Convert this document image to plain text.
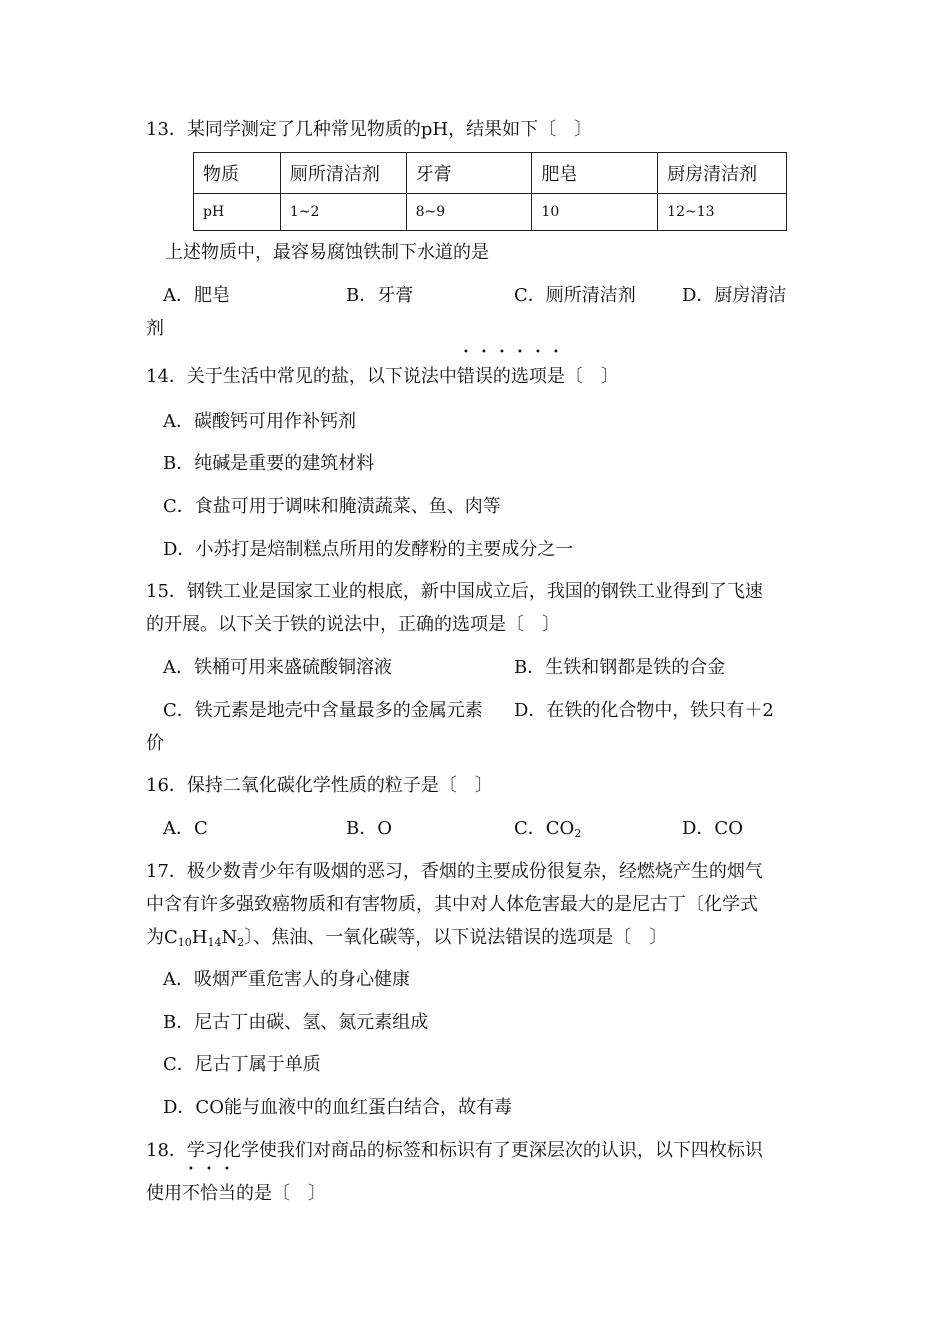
13．某同学测定了几种常见物质的pH，结果如下〔　〕
物质	厕所清洁剂	牙膏	肥皂	厨房清洁剂
pH	1~2	8~9	10	12~13
上述物质中，最容易腐蚀铁制下水道的是
A．肥皂	B．牙膏	C．厕所清洁剂	D．厨房清洁
剂
14．关于生活中常见的盐，以下说法中错误的选项是〔　〕
A．碳酸钙可用作补钙剂
B．纯碱是重要的建筑材料
C．食盐可用于调味和腌渍蔬菜、鱼、肉等
D．小苏打是焙制糕点所用的发酵粉的主要成分之一
15．钢铁工业是国家工业的根底，新中国成立后，我国的钢铁工业得到了飞速
的开展。以下关于铁的说法中，正确的选项是〔　〕
A．铁桶可用来盛硫酸铜溶液	B．生铁和钢都是铁的合金
C．铁元素是地壳中含量最多的金属元素 D．在铁的化合物中，铁只有＋2
价
16．保持二氧化碳化学性质的粒子是〔　〕
A．C	B．O	C．$CO_2$	D．CO
17．极少数青少年有吸烟的恶习，香烟的主要成份很复杂，经燃烧产生的烟气
中含有许多强致癌物质和有害物质，其中对人体危害最大的是尼古丁〔化学式
为$C_{10}H_{14}N_2$〕、焦油、一氧化碳等，以下说法错误的选项是〔　〕
A．吸烟严重危害人的身心健康
B．尼古丁由碳、氢、氮元素组成
C．尼古丁属于单质
D．CO能与血液中的血红蛋白结合，故有毒
18．学习化学使我们对商品的标签和标识有了更深层次的认识，以下四枚标识
使用不恰当的是〔　〕
